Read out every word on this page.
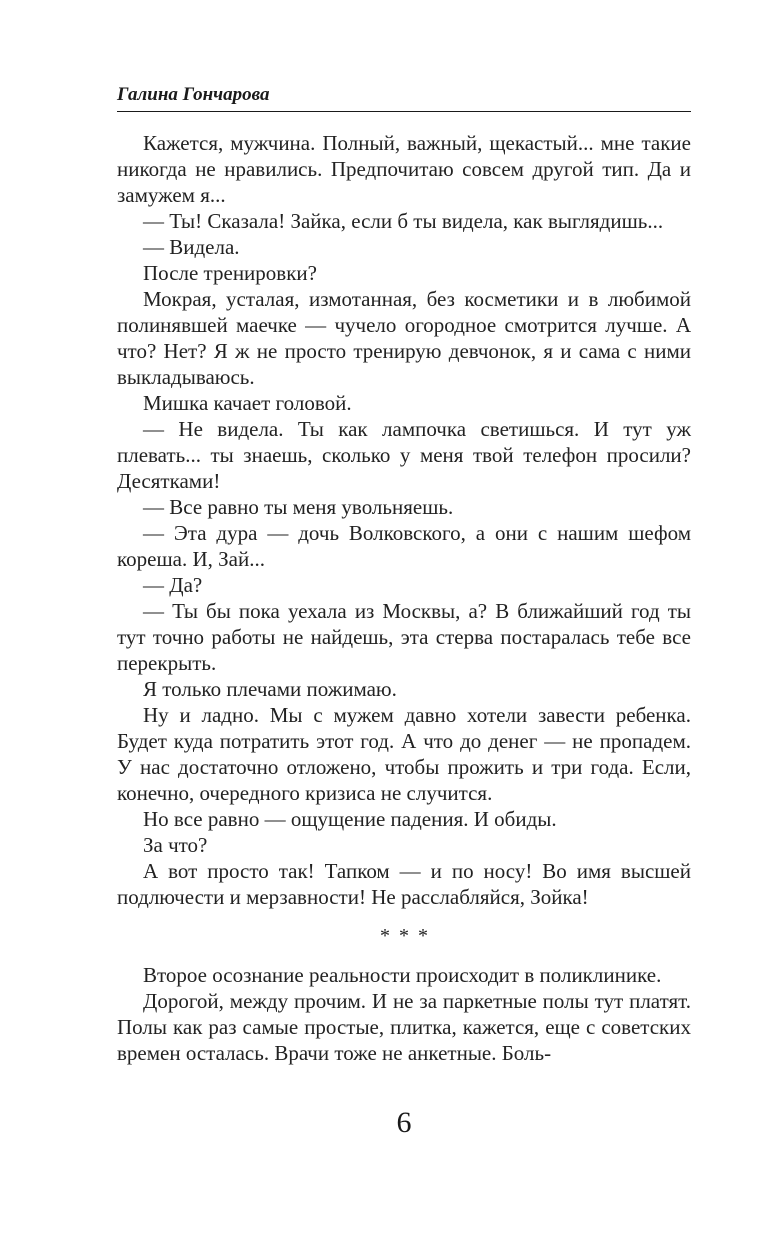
Галина Гончарова

Кажется, мужчина. Полный, важный, щекастый... мне такие никогда не нравились. Предпочитаю совсем другой тип. Да и замужем я...

— Ты! Сказала! Зайка, если б ты видела, как выглядишь...

— Видела.

После тренировки?

Мокрая, усталая, измотанная, без косметики и в любимой полинявшей маечке — чучело огородное смотрится лучше. А что? Нет? Я ж не просто тренирую девчонок, я и сама с ними выкладываюсь.

Мишка качает головой.

— Не видела. Ты как лампочка светишься. И тут уж плевать... ты знаешь, сколько у меня твой телефон просили? Десятками!

— Все равно ты меня увольняешь.

— Эта дура — дочь Волковского, а они с нашим шефом кореша. И, Зай...

— Да?

— Ты бы пока уехала из Москвы, а? В ближайший год ты тут точно работы не найдешь, эта стерва постаралась тебе все перекрыть.

Я только плечами пожимаю.

Ну и ладно. Мы с мужем давно хотели завести ребенка. Будет куда потратить этот год. А что до денег — не пропадем. У нас достаточно отложено, чтобы прожить и три года. Если, конечно, очередного кризиса не случится.

Но все равно — ощущение падения. И обиды.

За что?

А вот просто так! Тапком — и по носу! Во имя высшей подлючести и мерзавности! Не расслабляйся, Зойка!

* * *

Второе осознание реальности происходит в поликлинике.

Дорогой, между прочим. И не за паркетные полы тут платят. Полы как раз самые простые, плитка, кажется, еще с советских времен осталась. Врачи тоже не анкетные. Боль-

6
